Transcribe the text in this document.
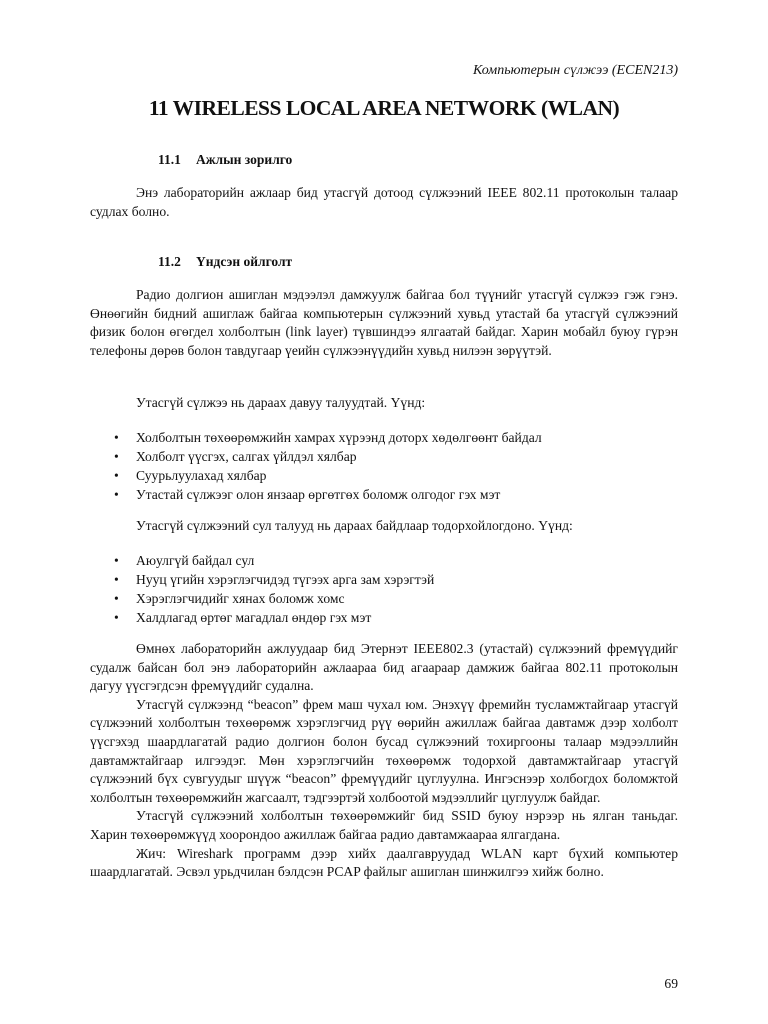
Компьютерын сүлжээ (ECEN213)
11 WIRELESS LOCAL AREA NETWORK (WLAN)
11.1 Ажлын зорилго

Энэ лабораторийн ажлаар бид утасгүй дотоод сүлжээний IEEE 802.11 протоколын талаар судлах болно.

11.2 Үндсэн ойлголт

Радио долгион ашиглан мэдээлэл дамжуулж байгаа бол түүнийг утасгүй сүлжээ гэж гэнэ. Өнөөгийн бидний ашиглаж байгаа компьютерын сүлжээний хувьд утастай ба утасгүй сүлжээний физик болон өгөгдел холболтын (link layer) түвшиндээ ялгаатай байдаг. Харин мобайл буюу гүрэн телефоны дөрөв болон тавдугаар үеийн сүлжээнүүдийн хувьд нилээн зөрүүтэй.

Утасгүй сүлжээ нь дараах давуу талуудтай. Үүнд:

• Холболтын төхөөрөмжийн хамрах хүрээнд доторх хөдөлгөөнт байдал
• Холболт үүсгэх, салгах үйлдэл хялбар
• Суурьлуулахад хялбар
• Утастай сүлжээг олон янзаар өргөтгөх боломж олгодог гэх мэт

Утасгүй сүлжээний сул талууд нь дараах байдлаар тодорхойлогдоно. Үүнд:

• Аюулгүй байдал сул
• Нууц үгийн хэрэглэгчидэд түгээх арга зам хэрэгтэй
• Хэрэглэгчидийг хянах боломж хомс
• Халдлагад өртөг магадлал өндөр гэх мэт

Өмнөх лабораторийн ажлуудаар бид Этернэт IEEE802.3 (утастай) сүлжээний фремүүдийг судалж байсан бол энэ лабораторийн ажлаараа бид агаараар дамжиж байгаа 802.11 протоколын дагуу үүсгэгдсэн фремүүдийг судална.

Утасгүй сүлжээнд “beacon” фрем маш чухал юм. Энэхүү фремийн тусламжтайгаар утасгүй сүлжээний холболтын төхөөрөмж хэрэглэгчид рүү өөрийн ажиллаж байгаа давтамж дээр холболт үүсгэхэд шаардлагатай радио долгион болон бусад сүлжээний тохиргооны талаар мэдээллийн давтамжтайгаар илгээдэг. Мөн хэрэглэгчийн төхөөрөмж тодорхой давтамжтайгаар утасгүй сүлжээний бүх сувгуудыг шүүж “beacon” фремүүдийг цуглуулна. Ингэснээр холбогдох боломжтой холболтын төхөөрөмжийн жагсаалт, тэдгээртэй холбоотой мэдээллийг цуглуулж байдаг.

Утасгүй сүлжээний холболтын төхөөрөмжийг бид SSID буюу нэрээр нь ялган таньдаг. Харин төхөөрөмжүүд хоорондоо ажиллаж байгаа радио давтамжаараа ялгагдана.

Жич: Wireshark программ дээр хийх даалгавруудад WLAN карт бүхий компьютер шаардлагатай. Эсвэл урьдчилан бэлдсэн PCAP файлыг ашиглан шинжилгээ хийж болно.

69
